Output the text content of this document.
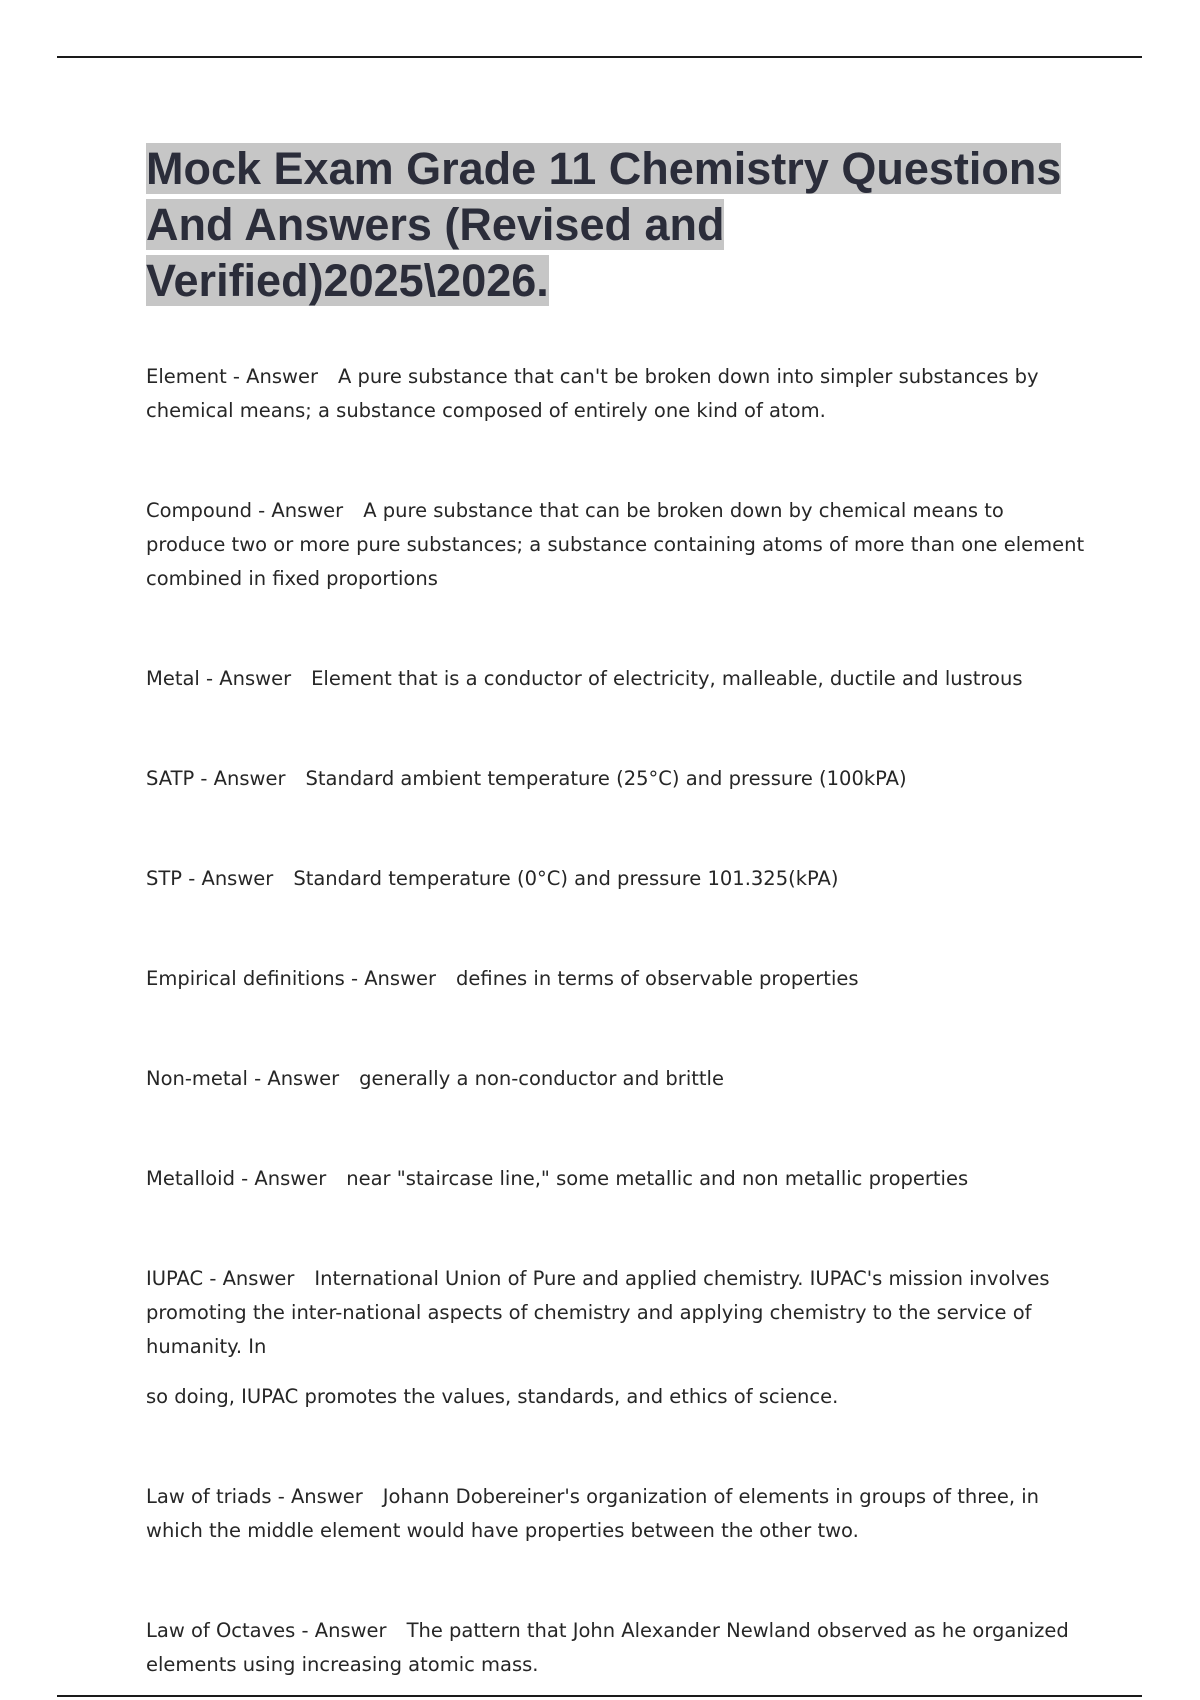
Mock Exam Grade 11 Chemistry Questions And Answers (Revised and Verified)2025\2026.

Element - Answer A pure substance that can't be broken down into simpler substances by chemical means; a substance composed of entirely one kind of atom.

Compound - Answer A pure substance that can be broken down by chemical means to produce two or more pure substances; a substance containing atoms of more than one element combined in fixed proportions

Metal - Answer Element that is a conductor of electricity, malleable, ductile and lustrous

SATP - Answer Standard ambient temperature (25°C) and pressure (100kPA)

STP - Answer Standard temperature (0°C) and pressure 101.325(kPA)

Empirical definitions - Answer defines in terms of observable properties

Non-metal - Answer generally a non-conductor and brittle

Metalloid - Answer near "staircase line," some metallic and non metallic properties

IUPAC - Answer International Union of Pure and applied chemistry. IUPAC's mission involves promoting the inter-national aspects of chemistry and applying chemistry to the service of humanity. In
so doing, IUPAC promotes the values, standards, and ethics of science.

Law of triads - Answer Johann Dobereiner's organization of elements in groups of three, in which the middle element would have properties between the other two.

Law of Octaves - Answer The pattern that John Alexander Newland observed as he organized elements using increasing atomic mass.
